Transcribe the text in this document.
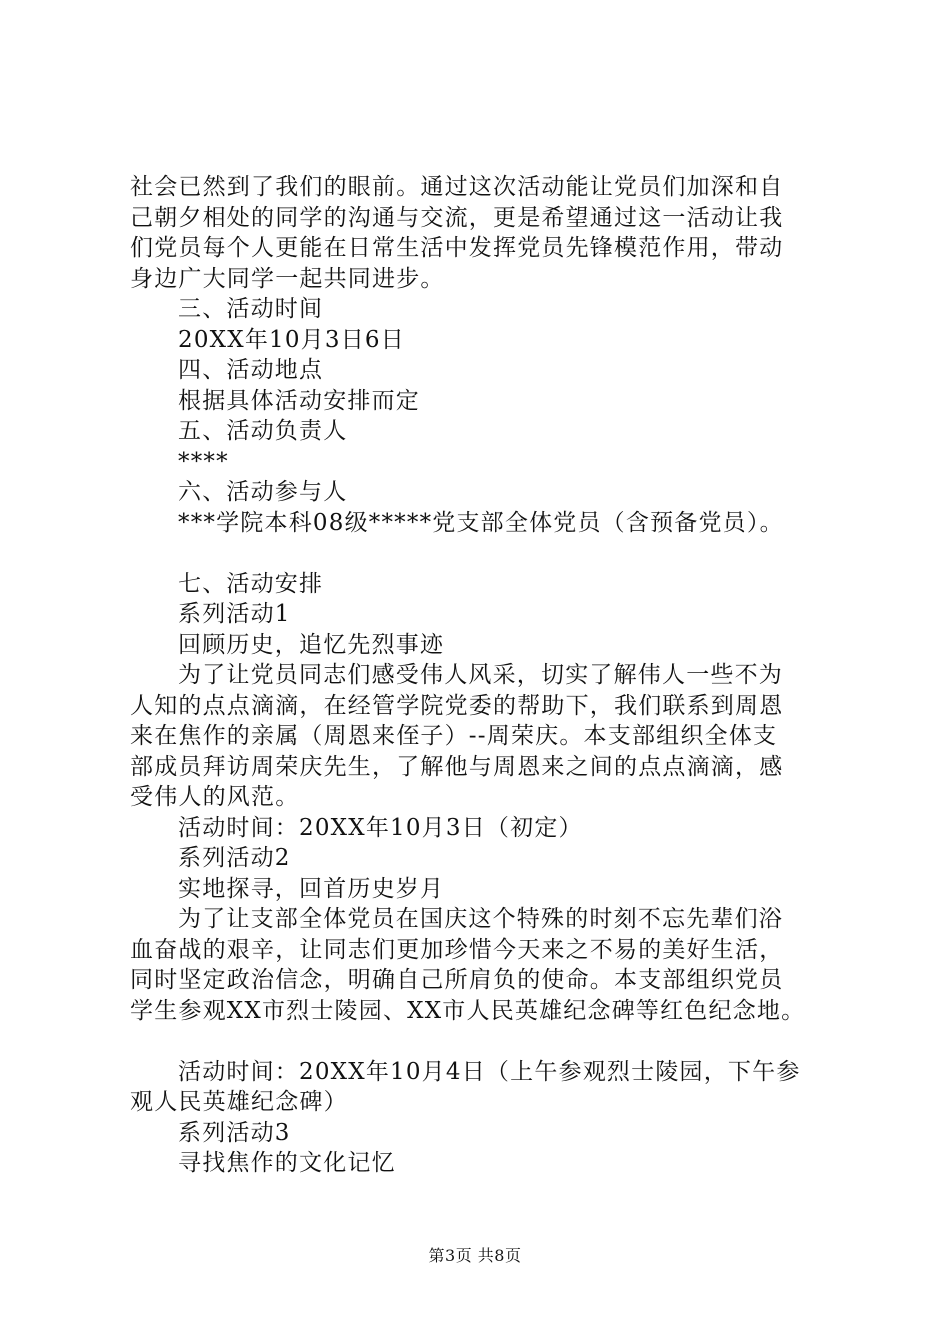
社会已然到了我们的眼前。通过这次活动能让党员们加深和自
己朝夕相处的同学的沟通与交流，更是希望通过这一活动让我
们党员每个人更能在日常生活中发挥党员先锋模范作用，带动
身边广大同学一起共同进步。
三、活动时间
20XX年10月3日6日
四、活动地点
根据具体活动安排而定
五、活动负责人
****
六、活动参与人
***学院本科08级*****党支部全体党员（含预备党员）。
七、活动安排
系列活动1
回顾历史，追忆先烈事迹
为了让党员同志们感受伟人风采，切实了解伟人一些不为
人知的点点滴滴，在经管学院党委的帮助下，我们联系到周恩
来在焦作的亲属（周恩来侄子）--周荣庆。本支部组织全体支
部成员拜访周荣庆先生，了解他与周恩来之间的点点滴滴，感
受伟人的风范。
活动时间：20XX年10月3日（初定）
系列活动2
实地探寻，回首历史岁月
为了让支部全体党员在国庆这个特殊的时刻不忘先辈们浴
血奋战的艰辛，让同志们更加珍惜今天来之不易的美好生活，
同时坚定政治信念，明确自己所肩负的使命。本支部组织党员
学生参观XX市烈士陵园、XX市人民英雄纪念碑等红色纪念地。
活动时间：20XX年10月4日（上午参观烈士陵园，下午参
观人民英雄纪念碑）
系列活动3
寻找焦作的文化记忆
第3页 共8页
